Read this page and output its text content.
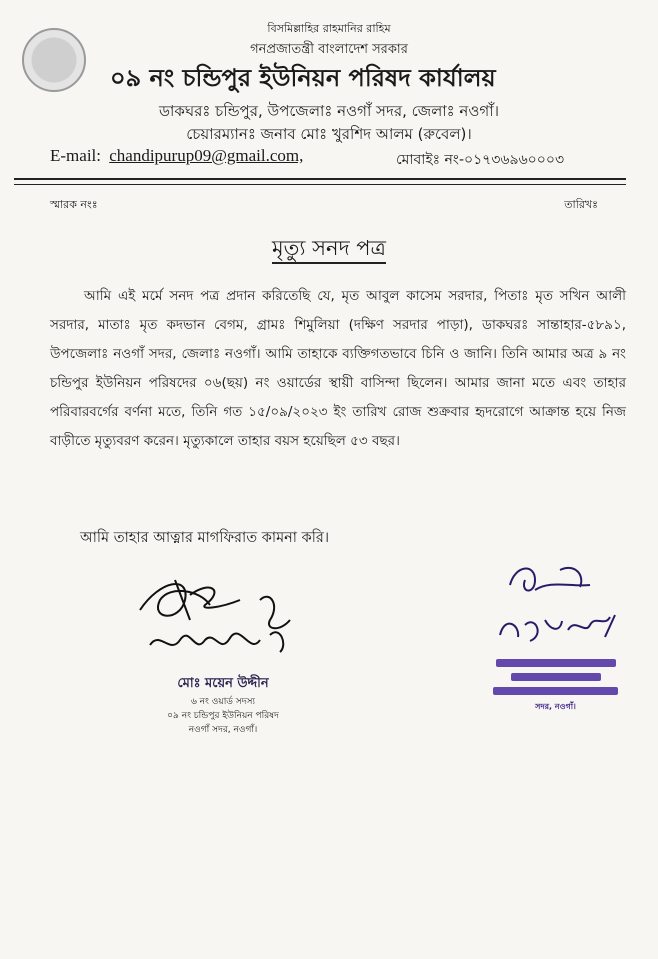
বিসমিল্লাহির রাহমানির রাহিম
গনপ্রজাতন্ত্রী বাংলাদেশ সরকার
০৯ নং চন্ডিপুর ইউনিয়ন পরিষদ কার্যালয়
ডাকঘরঃ চন্ডিপুর, উপজেলাঃ নওগাঁ সদর, জেলাঃ নওগাঁ।
চেয়ারম্যানঃ জনাব মোঃ খুরশিদ আলম (রুবেল)।
E-mail: chandipurup09@gmail.com,	মোবাইঃ নং-০১৭৩৬৯৬০০০৩
স্মারক নংঃ	তারিখঃ
মৃত্যু সনদ পত্র

আমি এই মর্মে সনদ পত্র প্রদান করিতেছি যে, মৃত আবুল কাসেম সরদার, পিতাঃ মৃত সখিন আলী সরদার, মাতাঃ মৃত কদভান বেগম, গ্রামঃ শিমুলিয়া (দক্ষিণ সরদার পাড়া), ডাকঘরঃ সান্তাহার-৫৮৯১, উপজেলাঃ নওগাঁ সদর, জেলাঃ নওগাঁ। আমি তাহাকে ব্যক্তিগতভাবে চিনি ও জানি। তিনি আমার অত্র ৯ নং চন্ডিপুর ইউনিয়ন পরিষদের ০৬(ছয়) নং ওয়ার্ডের স্থায়ী বাসিন্দা ছিলেন। আমার জানা মতে এবং তাহার পরিবারবর্গের বর্ণনা মতে, তিনি গত ১৫/০৯/২০২৩ ইং তারিখ রোজ শুক্রবার হৃদরোগে আক্রান্ত হয়ে নিজ বাড়ীতে মৃত্যুবরণ করেন। মৃত্যুকালে তাহার বয়স হয়েছিল ৫৩ বছর।

আমি তাহার আত্নার মাগফিরাত কামনা করি।
মোঃ ময়েন উদ্দীন
৬ নং ওয়ার্ড সদস্য
০৯ নং চন্ডিপুর ইউনিয়ন পরিষদ
নওগাঁ সদর, নওগাঁ।
সদর, নওগাঁ।
